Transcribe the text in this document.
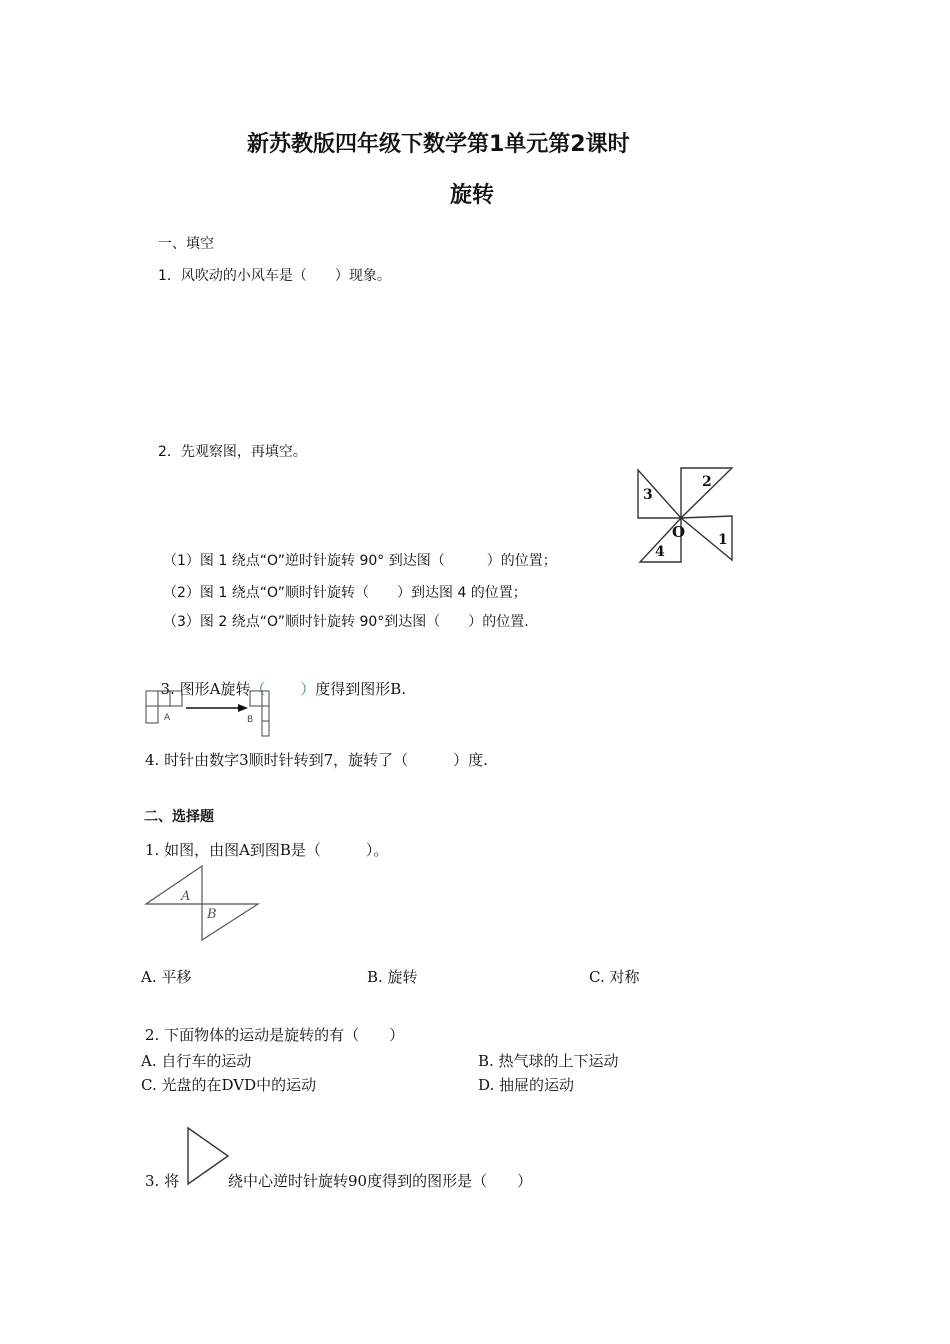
新苏教版四年级下数学第1单元第2课时
旋转
一、填空
1．风吹动的小风车是（　　）现象。
2．先观察图，再填空。
1
2
3
4
O
（1）图 1 绕点“O”逆时针旋转 90° 到达图（　　　）的位置；
（2）图 1 绕点“O”顺时针旋转（　　）到达图 4 的位置；
（3）图 2 绕点“O”顺时针旋转 90°到达图（　　）的位置.

3. 图形A旋转（　　 ）度得到图形B.

A	B
4. 时针由数字3顺时针转到7，旋转了（　　　）度.
二、选择题
1. 如图，由图A到图B是（　　　）。
A
B
A. 平移	B. 旋转	C. 对称
2. 下面物体的运动是旋转的有（　　）
A. 自行车的运动	B. 热气球的上下运动
C. 光盘的在DVD中的运动	D. 抽屉的运动
3. 将	绕中心逆时针旋转90度得到的图形是（　　）
